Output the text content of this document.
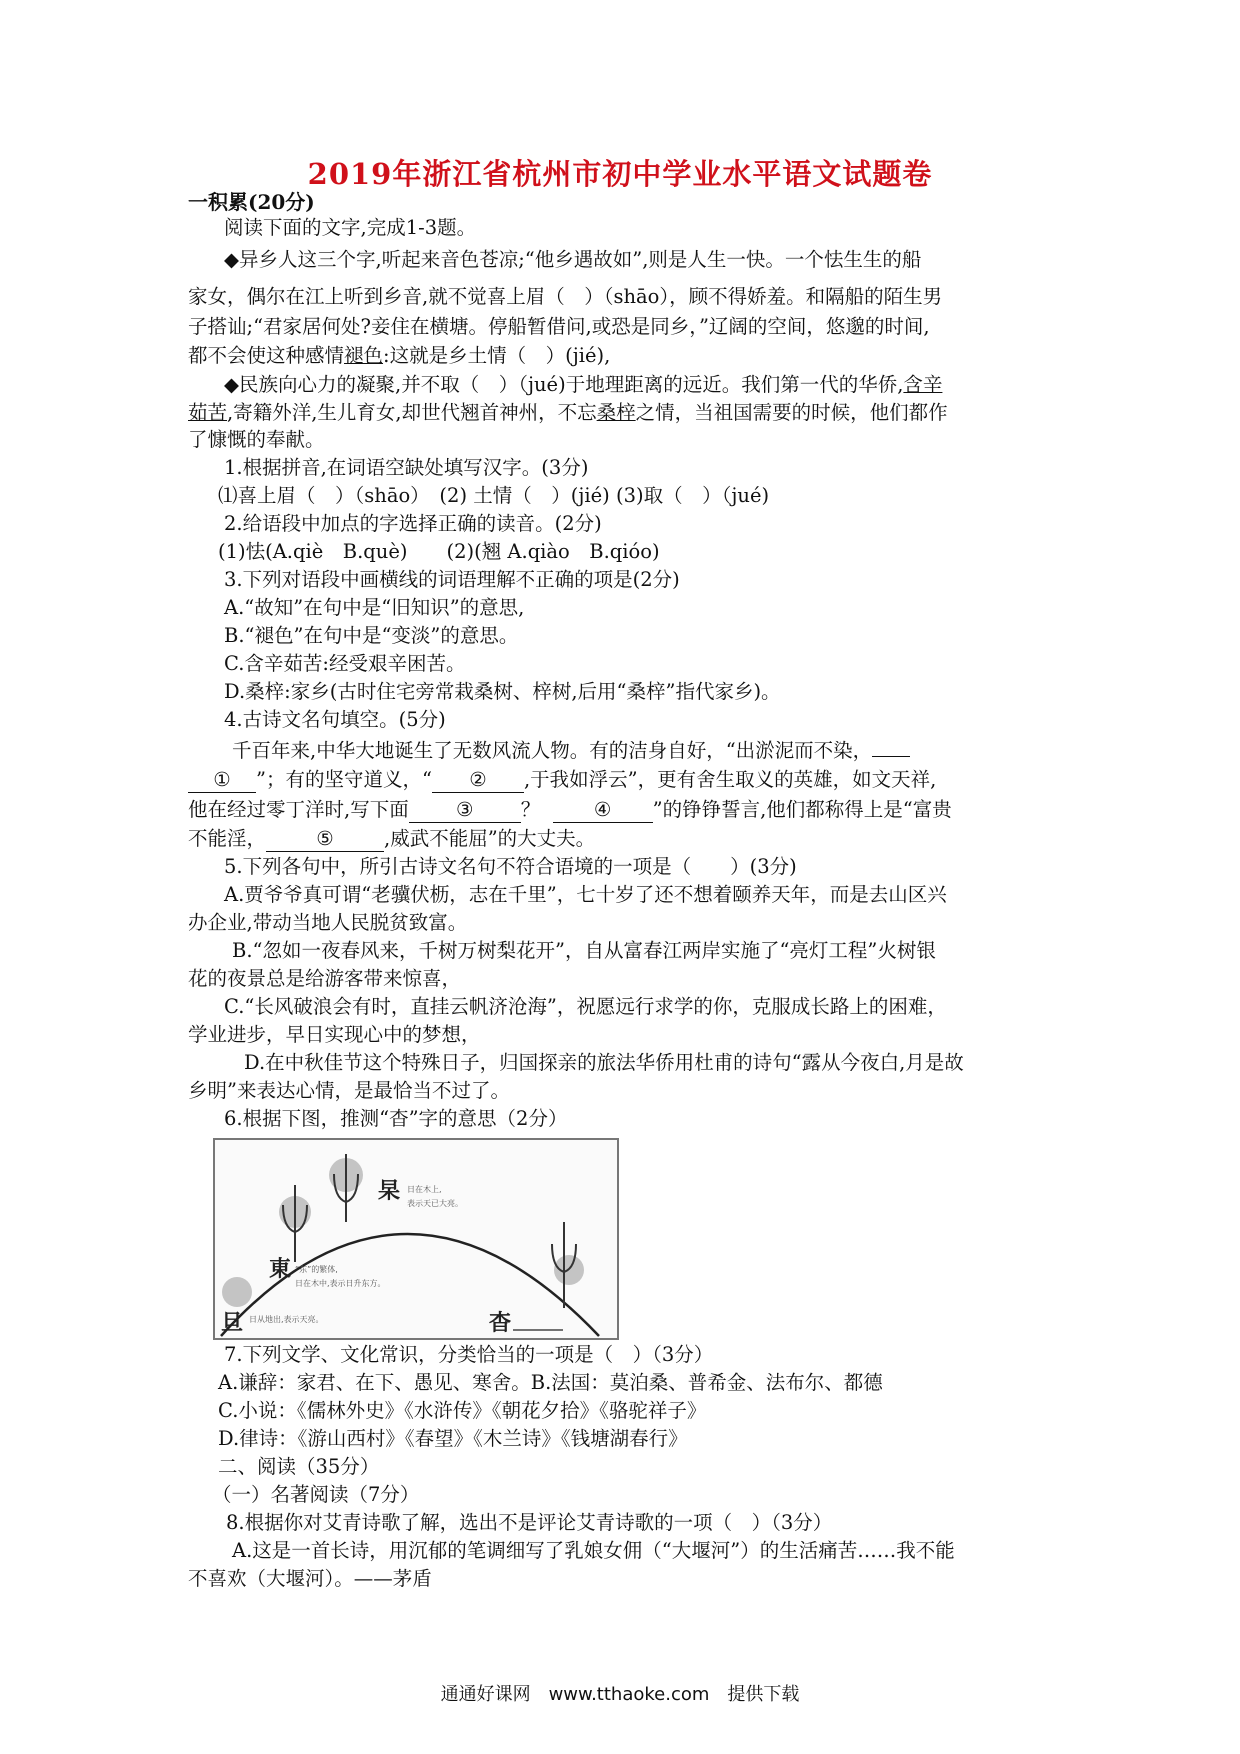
2019年浙江省杭州市初中学业水平语文试题卷
一积累(20分)
阅读下面的文字,完成1-3题。
◆异乡人这三个字,听起来音色苍凉;“他乡遇故如”,则是人生一快。一个怯生生的船
家女，偶尔在江上听到乡音,就不觉喜上眉（　）（shāo），顾不得娇羞。和隔船的陌生男
子搭讪;“君家居何处?妾住在横塘。停船暂借问,或恐是同乡，”辽阔的空间，悠邈的时间,
都不会使这种感情褪色:这就是乡土情（　）(jié),
◆民族向心力的凝聚,并不取（　）（jué)于地理距离的远近。我们第一代的华侨,含辛
茹苦,寄籍外洋,生儿育女,却世代翘首神州，不忘桑梓之情，当祖国需要的时候，他们都作
了慷慨的奉献。
1.根据拼音,在词语空缺处填写汉字。(3分)
⑴喜上眉（　）（shāo）　(2) 土情（　）(jié) (3)取（　）（jué)
2.给语段中加点的字选择正确的读音。(2分)
(1)怯(A.qiè　B.què)　　(2)(翘 A.qiào　B.qióo)
3.下列对语段中画横线的词语理解不正确的项是(2分)
A.“故知”在句中是“旧知识”的意思,
B.“褪色”在句中是“变淡”的意思。
C.含辛茹苦:经受艰辛困苦。
D.桑梓:家乡(古时住宅旁常栽桑树、梓树,后用“桑梓”指代家乡)。
4.古诗文名句填空。(5分)
千百年来,中华大地诞生了无数风流人物。有的洁身自好，“出淤泥而不染，
① ”；有的坚守道义，“ ② ,于我如浮云”，更有舍生取义的英雄，如文天祥,
他在经过零丁洋时,写下面 ③ ？	④ ”的铮铮誓言,他们都称得上是“富贵
不能淫，	⑤	,威武不能屈”的大丈夫。
5.下列各句中，所引古诗文名句不符合语境的一项是（　　）(3分)
A.贾爷爷真可谓“老骥伏枥，志在千里”，七十岁了还不想着颐养天年，而是去山区兴
办企业,带动当地人民脱贫致富。
B.“忽如一夜春风来，千树万树梨花开”，自从富春江两岸实施了“亮灯工程”火树银
花的夜景总是给游客带来惊喜，
C.“长风破浪会有时，直挂云帆济沧海”，祝愿远行求学的你，克服成长路上的困难，
学业进步，早日实现心中的梦想，
D.在中秋佳节这个特殊日子，归国探亲的旅法华侨用杜甫的诗句“露从今夜白,月是故
乡明”来表达心情，是最恰当不过了。
6.根据下图，推测“杳”字的意思（2分）
杲 日在木上,
表示天已大亮。
東 “东”的繁体,
日在木中,表示日升东方。
旦 日从地出,表示天亮。	杳
7.下列文学、文化常识，分类恰当的一项是（　）（3分）
A.谦辞：家君、在下、愚见、寒舍。B.法国：莫泊桑、普希金、法布尔、都德
C.小说：《儒林外史》《水浒传》《朝花夕拾》《骆驼祥子》
D.律诗：《游山西村》《春望》《木兰诗》《钱塘湖春行》
二、阅读（35分）
（一）名著阅读（7分）
8.根据你对艾青诗歌了解，选出不是评论艾青诗歌的一项（　）（3分）
A.这是一首长诗，用沉郁的笔调细写了乳娘女佣（“大堰河”）的生活痛苦……我不能
不喜欢（大堰河）。——茅盾
通通好课网　www.tthaoke.com　提供下载
